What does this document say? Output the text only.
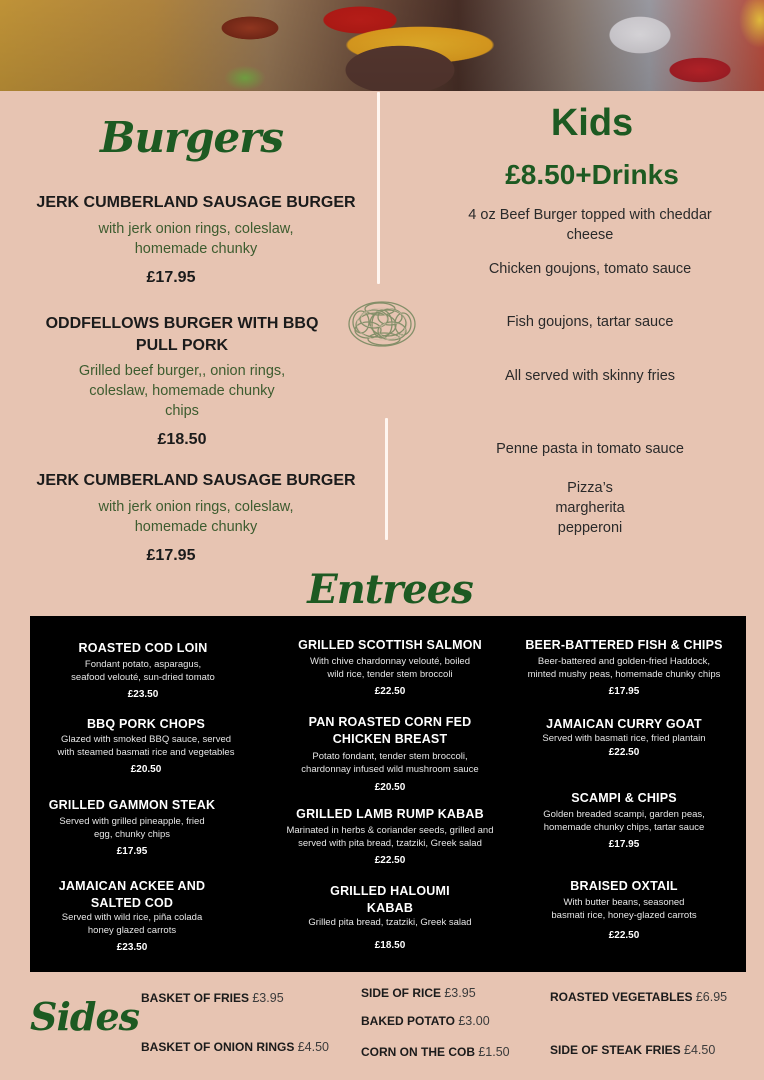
Burgers
JERK CUMBERLAND SAUSAGE BURGER
with jerk onion rings, coleslaw,
homemade chunky
£17.95
ODDFELLOWS BURGER WITH BBQ
PULL PORK
Grilled beef burger,, onion rings,
coleslaw, homemade chunky
chips
£18.50
JERK CUMBERLAND SAUSAGE BURGER
with jerk onion rings, coleslaw,
homemade chunky
£17.95
Kids
£8.50+Drinks
4 oz Beef Burger topped with cheddar
cheese
Chicken goujons, tomato sauce
Fish goujons, tartar sauce
All served with skinny fries
Penne pasta in tomato sauce
Pizza’s
margherita
pepperoni
Entrees
ROASTED COD LOIN
Fondant potato, asparagus,
seafood velouté, sun-dried tomato
£23.50
BBQ PORK CHOPS
Glazed with smoked BBQ sauce, served
with steamed basmati rice and vegetables
£20.50
GRILLED GAMMON STEAK
Served with grilled pineapple, fried
egg, chunky chips
£17.95
JAMAICAN ACKEE AND
SALTED COD
Served with wild rice, piña colada
honey glazed carrots
£23.50
GRILLED SCOTTISH SALMON
With chive chardonnay velouté, boiled
wild rice, tender stem broccoli
£22.50
PAN ROASTED CORN FED
CHICKEN BREAST
Potato fondant, tender stem broccoli,
chardonnay infused wild mushroom sauce
£20.50
GRILLED LAMB RUMP KABAB
Marinated in herbs & coriander seeds, grilled and
served with pita bread, tzatziki, Greek salad
£22.50
GRILLED HALOUMI
KABAB
Grilled pita bread, tzatziki, Greek salad
£18.50
BEER-BATTERED FISH & CHIPS
Beer-battered and golden-fried Haddock,
minted mushy peas, homemade chunky chips
£17.95
JAMAICAN CURRY GOAT
Served with basmati rice, fried plantain
£22.50
SCAMPI & CHIPS
Golden breaded scampi, garden peas,
homemade chunky chips, tartar sauce
£17.95
BRAISED OXTAIL
With butter beans, seasoned
basmati rice, honey-glazed carrots
£22.50
Sides BASKET OF FRIES £3.95
BASKET OF ONION RINGS £4.50
SIDE OF RICE £3.95
BAKED POTATO £3.00
CORN ON THE COB £1.50
ROASTED VEGETABLES £6.95
SIDE OF STEAK FRIES £4.50
